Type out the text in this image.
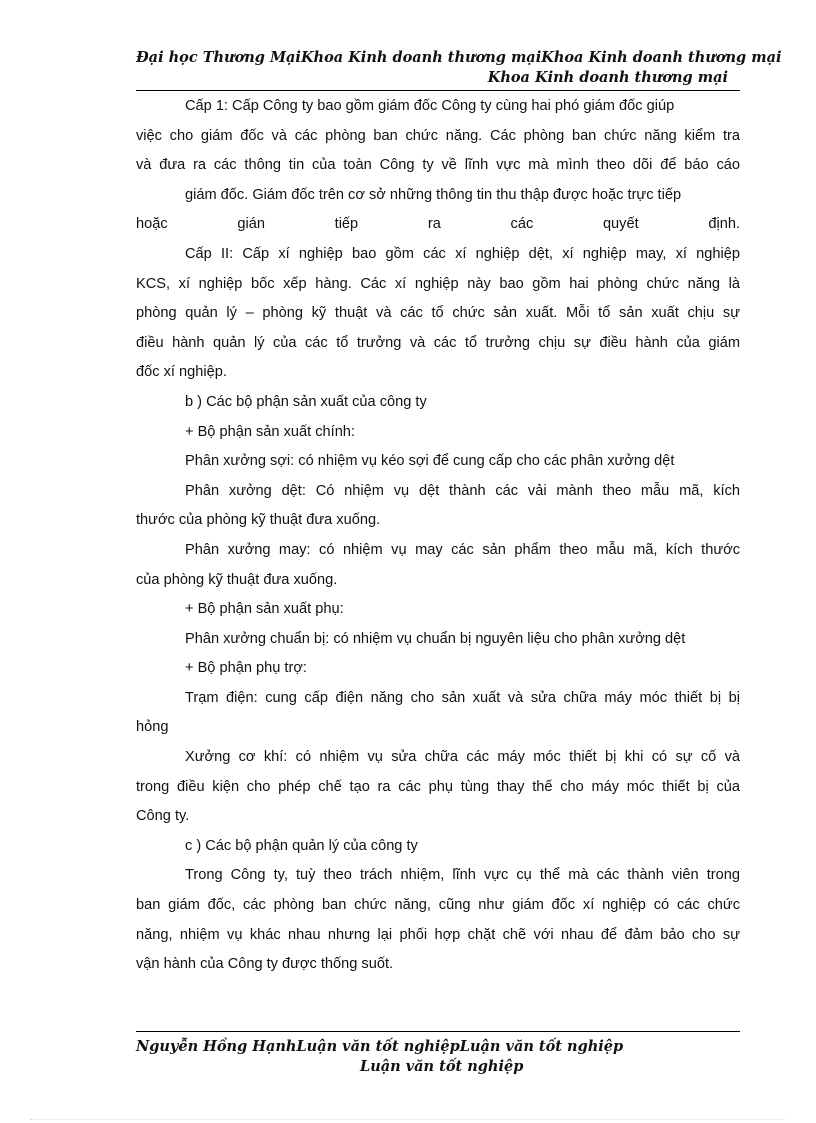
Đại học Thương MạiKhoa Kinh doanh thương mạiKhoa Kinh doanh thương mại
Khoa Kinh doanh thương mại
Cấp 1: Cấp Công ty bao gồm giám đốc Công ty cùng hai phó giám đốc giúp
việc cho giám đốc và các phòng ban chức năng. Các phòng ban chức năng kiểm tra
và đưa ra các thông tin của toàn Công ty về lĩnh vực mà mình theo dõi để báo cáo
giám đốc. Giám đốc trên cơ sở những thông tin thu thập được hoặc trực tiếp
hoặc gián tiếp ra các quyết định.
Cấp II: Cấp xí nghiệp bao gồm các xí nghiệp dệt, xí nghiệp may, xí nghiệp
KCS, xí nghiệp bốc xếp hàng. Các xí nghiệp này bao gồm hai phòng chức năng là
phòng quản lý – phòng kỹ thuật và các tổ chức sản xuất. Mỗi tổ sản xuất chịu sự
điều hành quản lý của các tổ trưởng và các tổ trưởng chịu sự điều hành của giám
đốc xí nghiệp.
b ) Các bộ phận sản xuất của công ty
+ Bộ phận sản xuất chính:
Phân xưởng sợi: có nhiệm vụ kéo sợi để cung cấp cho các phân xưởng dệt
Phân xưởng dệt: Có nhiệm vụ dệt thành các vải mành theo mẫu mã, kích
thước của phòng kỹ thuật đưa xuống.
Phân xưởng may: có nhiệm vụ may các sản phẩm theo mẫu mã, kích thước
của phòng kỹ thuật đưa xuống.
+ Bộ phận sản xuất phụ:
Phân xưởng chuẩn bị: có nhiệm vụ chuẩn bị nguyên liệu cho phân xưởng dệt
+ Bộ phận phụ trợ:
Trạm điện: cung cấp điện năng cho sản xuất và sửa chữa máy móc thiết bị bị
hỏng
Xưởng cơ khí: có nhiệm vụ sửa chữa các máy móc thiết bị khi có sự cố và
trong điều kiện cho phép chế tạo ra các phụ tùng thay thế cho máy móc thiết bị của
Công ty.
c ) Các bộ phận quản lý của công ty
Trong Công ty, tuỳ theo trách nhiệm, lĩnh vực cụ thể mà các thành viên trong
ban giám đốc, các phòng ban chức năng, cũng như giám đốc xí nghiệp có các chức
năng, nhiệm vụ khác nhau nhưng lại phối hợp chặt chẽ với nhau để đảm bảo cho sự
vận hành của Công ty được thống suốt.
Nguyễn Hồng HạnhLuận văn tốt nghiệpLuận văn tốt nghiệp
Luận văn tốt nghiệp
